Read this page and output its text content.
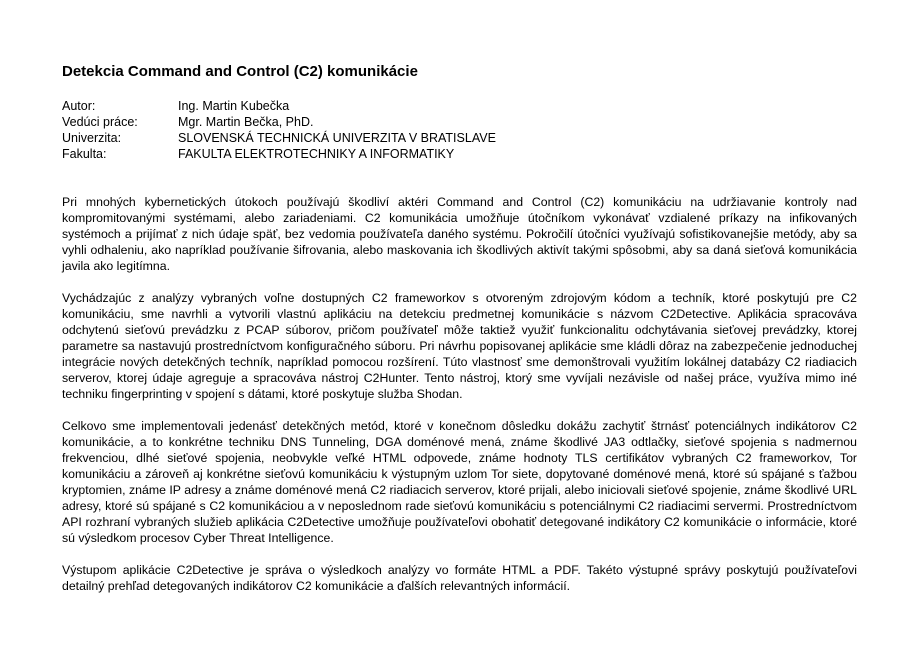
Detekcia Command and Control (C2) komunikácie
Autor:	Ing. Martin Kubečka
Vedúci práce:	Mgr. Martin Bečka, PhD.
Univerzita:	SLOVENSKÁ TECHNICKÁ UNIVERZITA V BRATISLAVE
Fakulta:	FAKULTA ELEKTROTECHNIKY A INFORMATIKY

Pri mnohých kybernetických útokoch používajú škodliví aktéri Command and Control (C2) komunikáciu na udržiavanie kontroly nad kompromitovanými systémami, alebo zariadeniami. C2 komunikácia umožňuje útočníkom vykonávať vzdialené príkazy na infikovaných systémoch a prijímať z nich údaje späť, bez vedomia používateľa daného systému. Pokročilí útočníci využívajú sofistikovanejšie metódy, aby sa vyhli odhaleniu, ako napríklad používanie šifrovania, alebo maskovania ich škodlivých aktivít takými spôsobmi, aby sa daná sieťová komunikácia javila ako legitímna.

Vychádzajúc z analýzy vybraných voľne dostupných C2 frameworkov s otvoreným zdrojovým kódom a techník, ktoré poskytujú pre C2 komunikáciu, sme navrhli a vytvorili vlastnú aplikáciu na detekciu predmetnej komunikácie s názvom C2Detective. Aplikácia spracováva odchytenú sieťovú prevádzku z PCAP súborov, pričom používateľ môže taktiež využiť funkcionalitu odchytávania sieťovej prevádzky, ktorej parametre sa nastavujú prostredníctvom konfiguračného súboru. Pri návrhu popisovanej aplikácie sme kládli dôraz na zabezpečenie jednoduchej integrácie nových detekčných techník, napríklad pomocou rozšírení. Túto vlastnosť sme demonštrovali využitím lokálnej databázy C2 riadiacich serverov, ktorej údaje agreguje a spracováva nástroj C2Hunter. Tento nástroj, ktorý sme vyvíjali nezávisle od našej práce, využíva mimo iné techniku fingerprinting v spojení s dátami, ktoré poskytuje služba Shodan.

Celkovo sme implementovali jedenásť detekčných metód, ktoré v konečnom dôsledku dokážu zachytiť štrnásť potenciálnych indikátorov C2 komunikácie, a to konkrétne techniku DNS Tunneling, DGA doménové mená, známe škodlivé JA3 odtlačky, sieťové spojenia s nadmernou frekvenciou, dlhé sieťové spojenia, neobvykle veľké HTML odpovede, známe hodnoty TLS certifikátov vybraných C2 frameworkov, Tor komunikáciu a zároveň aj konkrétne sieťovú komunikáciu k výstupným uzlom Tor siete, dopytované doménové mená, ktoré sú spájané s ťažbou kryptomien, známe IP adresy a známe doménové mená C2 riadiacich serverov, ktoré prijali, alebo iniciovali sieťové spojenie, známe škodlivé URL adresy, ktoré sú spájané s C2 komunikáciou a v neposlednom rade sieťovú komunikáciu s potenciálnymi C2 riadiacimi servermi. Prostredníctvom API rozhraní vybraných služieb aplikácia C2Detective umožňuje používateľovi obohatiť detegované indikátory C2 komunikácie o informácie, ktoré sú výsledkom procesov Cyber Threat Intelligence.

Výstupom aplikácie C2Detective je správa o výsledkoch analýzy vo formáte HTML a PDF. Takéto výstupné správy poskytujú používateľovi detailný prehľad detegovaných indikátorov C2 komunikácie a ďalších relevantných informácií.
